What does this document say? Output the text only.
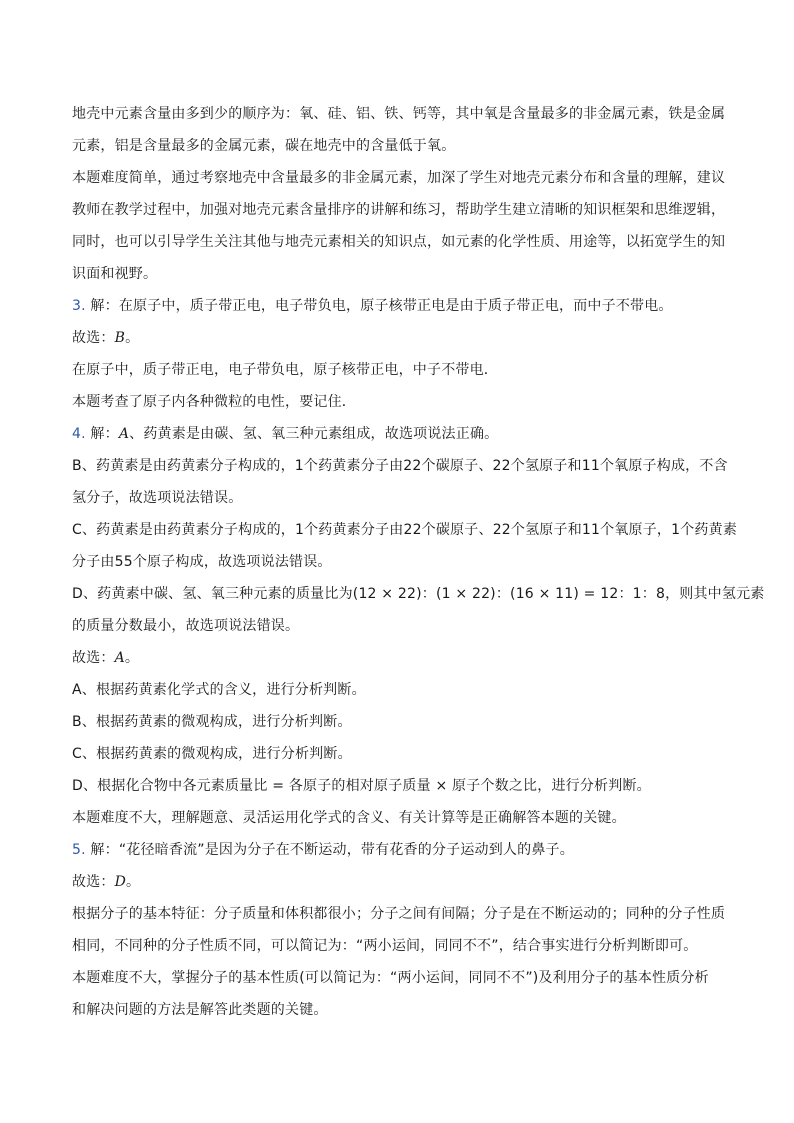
地壳中元素含量由多到少的顺序为：氧、硅、铝、铁、钙等，其中氧是含量最多的非金属元素，铁是金属
元素，铝是含量最多的金属元素，碳在地壳中的含量低于氧。
本题难度简单，通过考察地壳中含量最多的非金属元素，加深了学生对地壳元素分布和含量的理解，建议
教师在教学过程中，加强对地壳元素含量排序的讲解和练习，帮助学生建立清晰的知识框架和思维逻辑，
同时，也可以引导学生关注其他与地壳元素相关的知识点，如元素的化学性质、用途等，以拓宽学生的知
识面和视野。
3. 解：在原子中，质子带正电，电子带负电，原子核带正电是由于质子带正电，而中子不带电。
故选：B。
在原子中，质子带正电，电子带负电，原子核带正电，中子不带电．
本题考查了原子内各种微粒的电性，要记住．
4. 解：A、药黄素是由碳、氢、氧三种元素组成，故选项说法正确。
B、药黄素是由药黄素分子构成的，1个药黄素分子由22个碳原子、22个氢原子和11个氧原子构成，不含
氢分子，故选项说法错误。
C、药黄素是由药黄素分子构成的，1个药黄素分子由22个碳原子、22个氢原子和11个氧原子，1个药黄素
分子由55个原子构成，故选项说法错误。
D、药黄素中碳、氢、氧三种元素的质量比为(12 × 22)：(1 × 22)：(16 × 11) = 12：1：8，则其中氢元素
的质量分数最小，故选项说法错误。
故选：A。
A、根据药黄素化学式的含义，进行分析判断。
B、根据药黄素的微观构成，进行分析判断。
C、根据药黄素的微观构成，进行分析判断。
D、根据化合物中各元素质量比 = 各原子的相对原子质量 × 原子个数之比，进行分析判断。
本题难度不大，理解题意、灵活运用化学式的含义、有关计算等是正确解答本题的关键。
5. 解：“花径暗香流”是因为分子在不断运动，带有花香的分子运动到人的鼻子。
故选：D。
根据分子的基本特征：分子质量和体积都很小；分子之间有间隔；分子是在不断运动的；同种的分子性质
相同，不同种的分子性质不同，可以简记为：“两小运间，同同不不”，结合事实进行分析判断即可。
本题难度不大，掌握分子的基本性质(可以简记为：“两小运间，同同不不”)及利用分子的基本性质分析
和解决问题的方法是解答此类题的关键。
